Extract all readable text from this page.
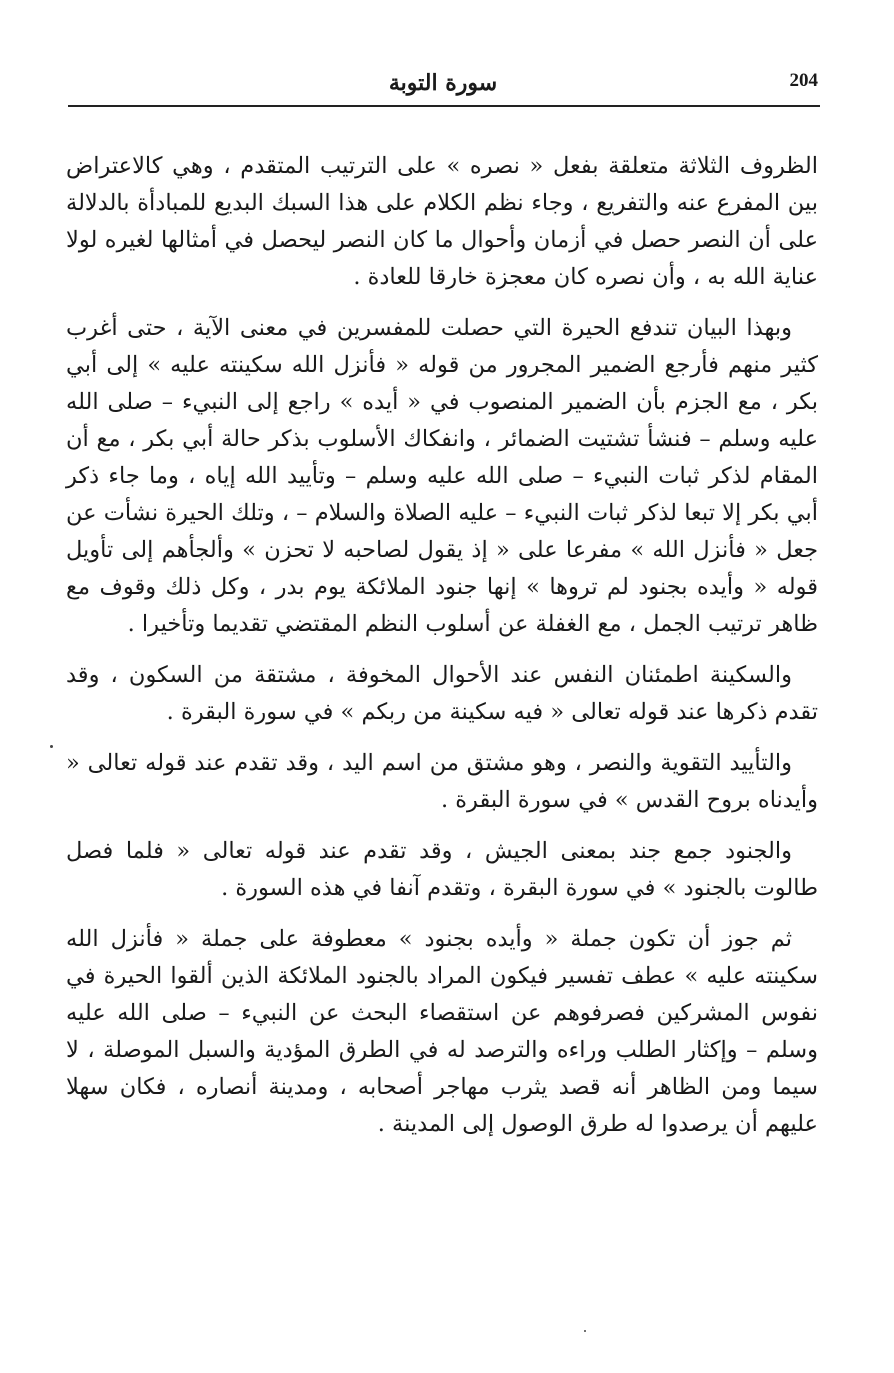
سورة التوبة	204

الظروف الثلاثة متعلقة بفعل « نصره » على الترتيب المتقدم ، وهي كالاعتراض بين المفرع عنه والتفريع ، وجاء نظم الكلام على هذا السبك البديع للمبادأة بالدلالة على أن النصر حصل في أزمان وأحوال ما كان النصر ليحصل في أمثالها لغيره لولا عناية الله به ، وأن نصره كان معجزة خارقا للعادة .

وبهذا البيان تندفع الحيرة التي حصلت للمفسرين في معنى الآية ، حتى أغرب كثير منهم فأرجع الضمير المجرور من قوله « فأنزل الله سكينته عليه » إلى أبي بكر ، مع الجزم بأن الضمير المنصوب في « أيده » راجع إلى النبيء – صلى الله عليه وسلم – فنشأ تشتيت الضمائر ، وانفكاك الأسلوب بذكر حالة أبي بكر ، مع أن المقام لذكر ثبات النبيء – صلى الله عليه وسلم – وتأييد الله إياه ، وما جاء ذكر أبي بكر إلا تبعا لذكر ثبات النبيء – عليه الصلاة والسلام – ، وتلك الحيرة نشأت عن جعل « فأنزل الله » مفرعا على « إذ يقول لصاحبه لا تحزن » وألجأهم إلى تأويل قوله « وأيده بجنود لم تروها » إنها جنود الملائكة يوم بدر ، وكل ذلك وقوف مع ظاهر ترتيب الجمل ، مع الغفلة عن أسلوب النظم المقتضي تقديما وتأخيرا .

والسكينة اطمئنان النفس عند الأحوال المخوفة ، مشتقة من السكون ، وقد تقدم ذكرها عند قوله تعالى « فيه سكينة من ربكم » في سورة البقرة .

والتأييد التقوية والنصر ، وهو مشتق من اسم اليد ، وقد تقدم عند قوله تعالى « وأيدناه بروح القدس » في سورة البقرة .

والجنود جمع جند بمعنى الجيش ، وقد تقدم عند قوله تعالى « فلما فصل طالوت بالجنود » في سورة البقرة ، وتقدم آنفا في هذه السورة .

ثم جوز أن تكون جملة « وأيده بجنود » معطوفة على جملة « فأنزل الله سكينته عليه » عطف تفسير فيكون المراد بالجنود الملائكة الذين ألقوا الحيرة في نفوس المشركين فصرفوهم عن استقصاء البحث عن النبيء – صلى الله عليه وسلم – وإكثار الطلب وراءه والترصد له في الطرق المؤدية والسبل الموصلة ، لا سيما ومن الظاهر أنه قصد يثرب مهاجر أصحابه ، ومدينة أنصاره ، فكان سهلا عليهم أن يرصدوا له طرق الوصول إلى المدينة .
